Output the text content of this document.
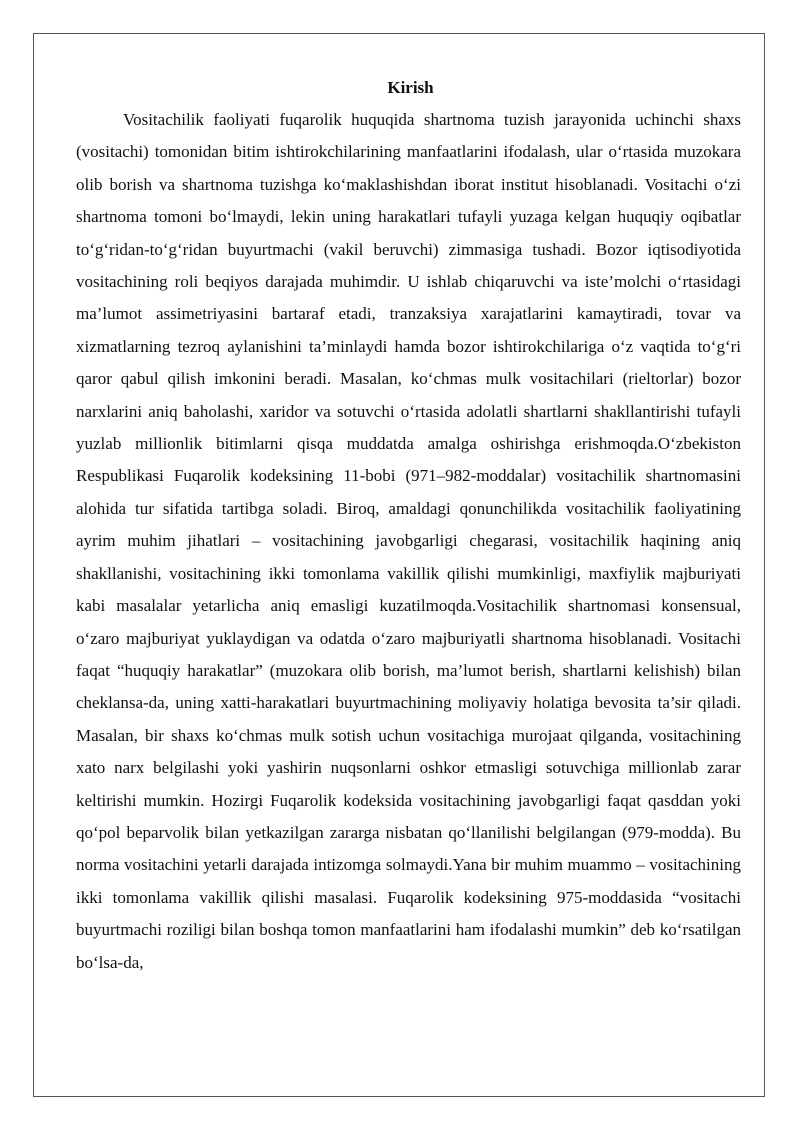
Kirish

Vositachilik faoliyati fuqarolik huquqida shartnoma tuzish jarayonida uchinchi shaxs (vositachi) tomonidan bitim ishtirokchilarining manfaatlarini ifodalash, ular o‘rtasida muzokara olib borish va shartnoma tuzishga ko‘maklashishdan iborat institut hisoblanadi. Vositachi o‘zi shartnoma tomoni bo‘lmaydi, lekin uning harakatlari tufayli yuzaga kelgan huquqiy oqibatlar to‘g‘ridan-to‘g‘ridan buyurtmachi (vakil beruvchi) zimmasiga tushadi. Bozor iqtisodiyotida vositachining roli beqiyos darajada muhimdir. U ishlab chiqaruvchi va iste’molchi o‘rtasidagi ma’lumot assimetriyasini bartaraf etadi, tranzaksiya xarajatlarini kamaytiradi, tovar va xizmatlarning tezroq aylanishini ta’minlaydi hamda bozor ishtirokchilariga o‘z vaqtida to‘g‘ri qaror qabul qilish imkonini beradi. Masalan, ko‘chmas mulk vositachilari (rieltorlar) bozor narxlarini aniq baholashi, xaridor va sotuvchi o‘rtasida adolatli shartlarni shakllantirishi tufayli yuzlab millionlik bitimlarni qisqa muddatda amalga oshirishga erishmoqda.O‘zbekiston Respublikasi Fuqarolik kodeksining 11-bobi (971–982-moddalar) vositachilik shartnomasini alohida tur sifatida tartibga soladi. Biroq, amaldagi qonunchilikda vositachilik faoliyatining ayrim muhim jihatlari – vositachining javobgarligi chegarasi, vositachilik haqining aniq shakllanishi, vositachining ikki tomonlama vakillik qilishi mumkinligi, maxfiylik majburiyati kabi masalalar yetarlicha aniq emasligi kuzatilmoqda.Vositachilik shartnomasi konsensual, o‘zaro majburiyat yuklaydigan va odatda o‘zaro majburiyatli shartnoma hisoblanadi. Vositachi faqat “huquqiy harakatlar” (muzokara olib borish, ma’lumot berish, shartlarni kelishish) bilan cheklansa-da, uning xatti-harakatlari buyurtmachining moliyaviy holatiga bevosita ta’sir qiladi. Masalan, bir shaxs ko‘chmas mulk sotish uchun vositachiga murojaat qilganda, vositachining xato narx belgilashi yoki yashirin nuqsonlarni oshkor etmasligi sotuvchiga millionlab zarar keltirishi mumkin. Hozirgi Fuqarolik kodeksida vositachining javobgarligi faqat qasddan yoki qo‘pol beparvolik bilan yetkazilgan zararga nisbatan qo‘llanilishi belgilangan (979-modda). Bu norma vositachini yetarli darajada intizomga solmaydi.Yana bir muhim muammo – vositachining ikki tomonlama vakillik qilishi masalasi. Fuqarolik kodeksining 975-moddasida “vositachi buyurtmachi roziligi bilan boshqa tomon manfaatlarini ham ifodalashi mumkin” deb ko‘rsatilgan bo‘lsa-da,
